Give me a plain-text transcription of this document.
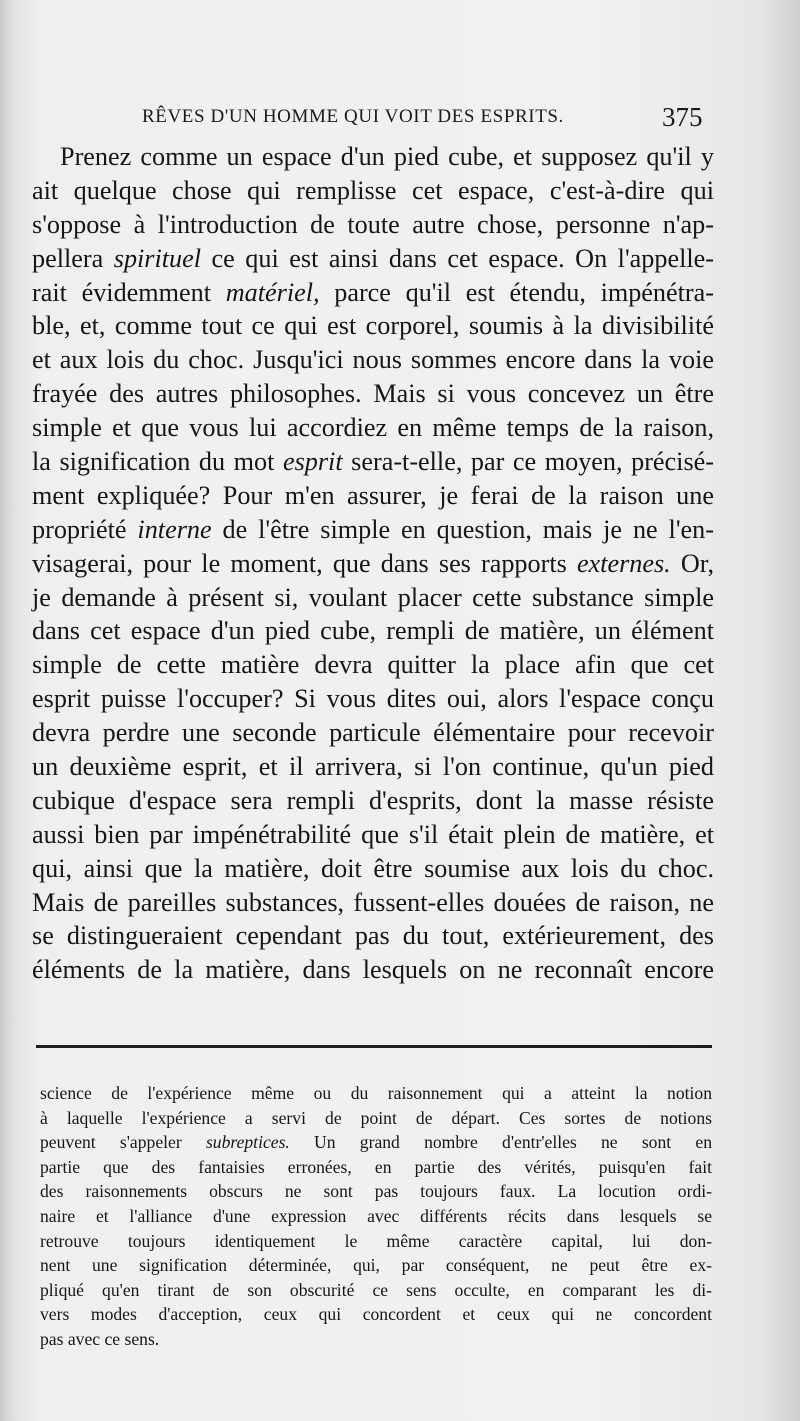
RÊVES D'UN HOMME QUI VOIT DES ESPRITS.	375
Prenez comme un espace d'un pied cube, et supposez qu'il y
ait quelque chose qui remplisse cet espace, c'est-à-dire qui
s'oppose à l'introduction de toute autre chose, personne n'ap-
pellera spirituel ce qui est ainsi dans cet espace. On l'appelle-
rait évidemment matériel, parce qu'il est étendu, impénétra-
ble, et, comme tout ce qui est corporel, soumis à la divisibilité
et aux lois du choc. Jusqu'ici nous sommes encore dans la voie
frayée des autres philosophes. Mais si vous concevez un être
simple et que vous lui accordiez en même temps de la raison,
la signification du mot esprit sera-t-elle, par ce moyen, précisé-
ment expliquée? Pour m'en assurer, je ferai de la raison une
propriété interne de l'être simple en question, mais je ne l'en-
visagerai, pour le moment, que dans ses rapports externes. Or,
je demande à présent si, voulant placer cette substance simple
dans cet espace d'un pied cube, rempli de matière, un élément
simple de cette matière devra quitter la place afin que cet
esprit puisse l'occuper? Si vous dites oui, alors l'espace conçu
devra perdre une seconde particule élémentaire pour recevoir
un deuxième esprit, et il arrivera, si l'on continue, qu'un pied
cubique d'espace sera rempli d'esprits, dont la masse résiste
aussi bien par impénétrabilité que s'il était plein de matière, et
qui, ainsi que la matière, doit être soumise aux lois du choc.
Mais de pareilles substances, fussent-elles douées de raison, ne
se distingueraient cependant pas du tout, extérieurement, des
éléments de la matière, dans lesquels on ne reconnaît encore
science de l'expérience même ou du raisonnement qui a atteint la notion
à laquelle l'expérience a servi de point de départ. Ces sortes de notions
peuvent s'appeler subreptices. Un grand nombre d'entr'elles ne sont en
partie que des fantaisies erronées, en partie des vérités, puisqu'en fait
des raisonnements obscurs ne sont pas toujours faux. La locution ordi-
naire et l'alliance d'une expression avec différents récits dans lesquels se
retrouve toujours identiquement le même caractère capital, lui don-
nent une signification déterminée, qui, par conséquent, ne peut être ex-
pliqué qu'en tirant de son obscurité ce sens occulte, en comparant les di-
vers modes d'acception, ceux qui concordent et ceux qui ne concordent
pas avec ce sens.
